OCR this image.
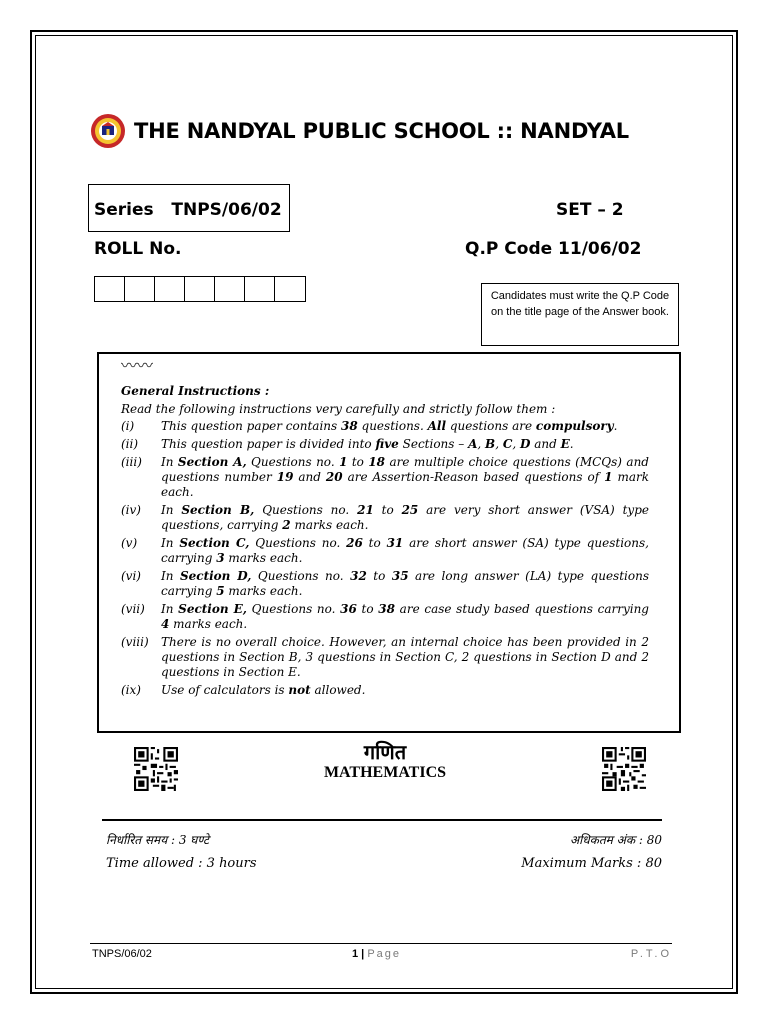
THE NANDYAL PUBLIC SCHOOL :: NANDYAL
Series   TNPS/06/02	SET – 2
ROLL No.	Q.P Code 11/06/02
Candidates must write the Q.P Code on the title page of the Answer book.
〰〰
General Instructions :
Read the following instructions very carefully and strictly follow them :
(i)	This question paper contains 38 questions. All questions are compulsory.
(ii)	This question paper is divided into five Sections – A, B, C, D and E.
(iii)	In Section A, Questions no. 1 to 18 are multiple choice questions (MCQs) and questions number 19 and 20 are Assertion-Reason based questions of 1 mark each.
(iv)	In Section B, Questions no. 21 to 25 are very short answer (VSA) type questions, carrying 2 marks each.
(v)	In Section C, Questions no. 26 to 31 are short answer (SA) type questions, carrying 3 marks each.
(vi)	In Section D, Questions no. 32 to 35 are long answer (LA) type questions carrying 5 marks each.
(vii)	In Section E, Questions no. 36 to 38 are case study based questions carrying 4 marks each.
(viii)	There is no overall choice. However, an internal choice has been provided in 2 questions in Section B, 3 questions in Section C, 2 questions in Section D and 2 questions in Section E.
(ix)	Use of calculators is not allowed.
गणित
MATHEMATICS
निर्धारित समय : 3 घण्टे	अधिकतम अंक : 80
Time allowed : 3 hours	Maximum Marks : 80
TNPS/06/02	1 | Page	P.T.O
